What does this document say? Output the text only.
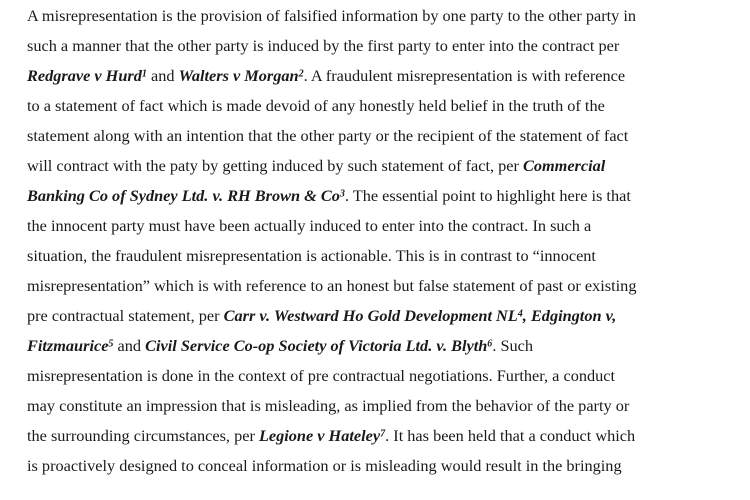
A misrepresentation is the provision of falsified information by one party to the other party in
such a manner that the other party is induced by the first party to enter into the contract per
Redgrave v Hurd$^1$ and Walters v Morgan$^2$. A fraudulent misrepresentation is with reference
to a statement of fact which is made devoid of any honestly held belief in the truth of the
statement along with an intention that the other party or the recipient of the statement of fact
will contract with the paty by getting induced by such statement of fact, per Commercial
Banking Co of Sydney Ltd. v. RH Brown & Co$^3$. The essential point to highlight here is that
the innocent party must have been actually induced to enter into the contract. In such a
situation, the fraudulent misrepresentation is actionable. This is in contrast to “innocent
misrepresentation” which is with reference to an honest but false statement of past or existing
pre contractual statement, per Carr v. Westward Ho Gold Development $NL^4$, Edgington v,
Fitzmaurice$^5$ and Civil Service Co-op Society of Victoria Ltd. v. Blyth$^6$. Such
misrepresentation is done in the context of pre contractual negotiations. Further, a conduct
may constitute an impression that is misleading, as implied from the behavior of the party or
the surrounding circumstances, per Legione v Hateley$^7$. It has been held that a conduct which
is proactively designed to conceal information or is misleading would result in the bringing
